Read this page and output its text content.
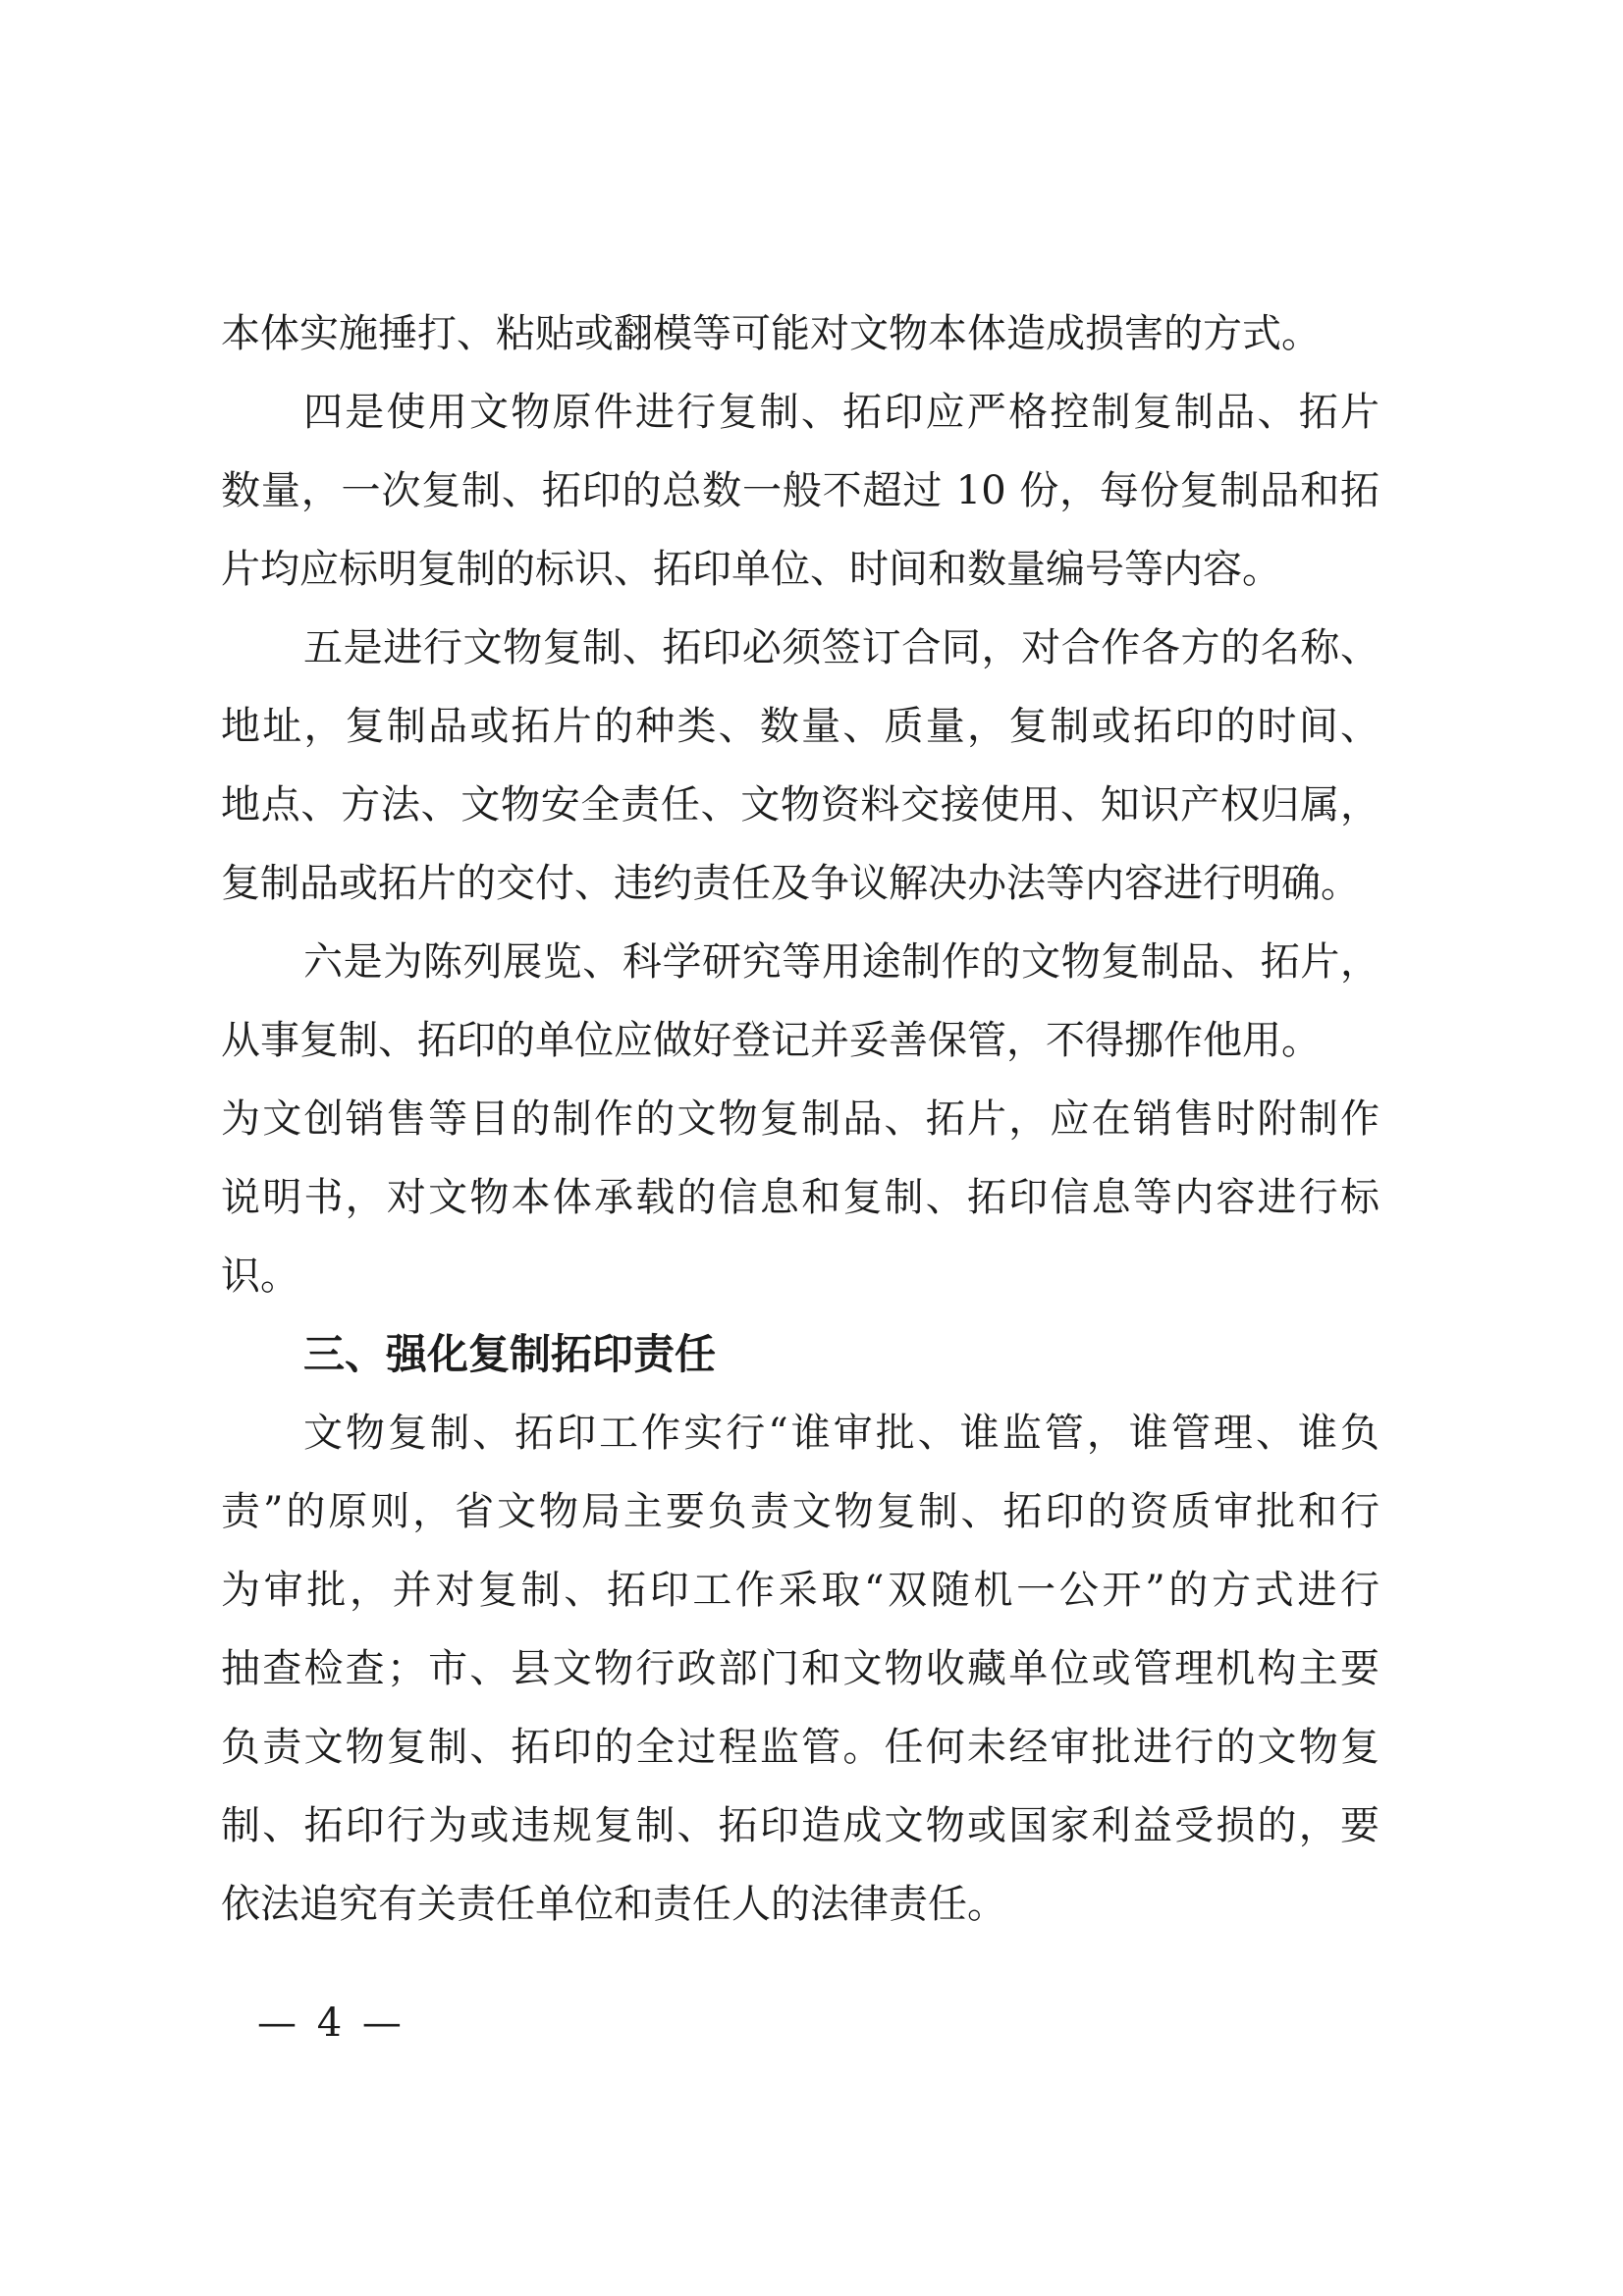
本体实施捶打、粘贴或翻模等可能对文物本体造成损害的方式。
四是使用文物原件进行复制、拓印应严格控制复制品、拓片
数量，一次复制、拓印的总数一般不超过 10 份，每份复制品和拓
片均应标明复制的标识、拓印单位、时间和数量编号等内容。
五是进行文物复制、拓印必须签订合同，对合作各方的名称、
地址，复制品或拓片的种类、数量、质量，复制或拓印的时间、
地点、方法、文物安全责任、文物资料交接使用、知识产权归属，
复制品或拓片的交付、违约责任及争议解决办法等内容进行明确。
六是为陈列展览、科学研究等用途制作的文物复制品、拓片，
从事复制、拓印的单位应做好登记并妥善保管，不得挪作他用。
为文创销售等目的制作的文物复制品、拓片，应在销售时附制作
说明书，对文物本体承载的信息和复制、拓印信息等内容进行标
识。
三、强化复制拓印责任
文物复制、拓印工作实行“谁审批、谁监管，谁管理、谁负
责”的原则，省文物局主要负责文物复制、拓印的资质审批和行
为审批，并对复制、拓印工作采取“双随机一公开”的方式进行
抽查检查；市、县文物行政部门和文物收藏单位或管理机构主要
负责文物复制、拓印的全过程监管。任何未经审批进行的文物复
制、拓印行为或违规复制、拓印造成文物或国家利益受损的，要
依法追究有关责任单位和责任人的法律责任。
— 4 —
